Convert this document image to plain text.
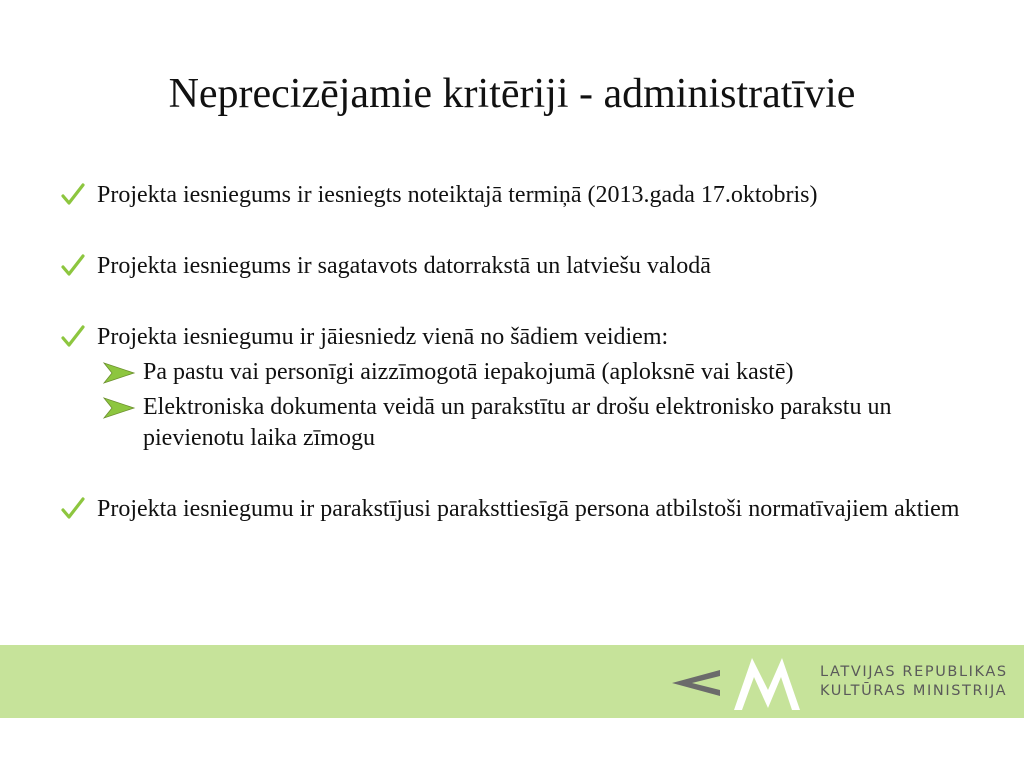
Neprecizējamie kritēriji - administratīvie
Projekta iesniegums ir iesniegts noteiktajā termiņā (2013.gada 17.oktobris)
Projekta iesniegums ir sagatavots datorrakstā un latviešu valodā
Projekta iesniegumu ir jāiesniedz vienā no šādiem veidiem:
Pa pastu vai personīgi aizzīmogotā iepakojumā (aploksnē vai kastē)
Elektroniska dokumenta veidā un parakstītu ar drošu elektronisko parakstu un pievienotu laika zīmogu
Projekta iesniegumu ir parakstījusi paraksttiesīgā persona atbilstoši normatīvajiem aktiem
LATVIJAS REPUBLIKAS
KULTŪRAS MINISTRIJA
